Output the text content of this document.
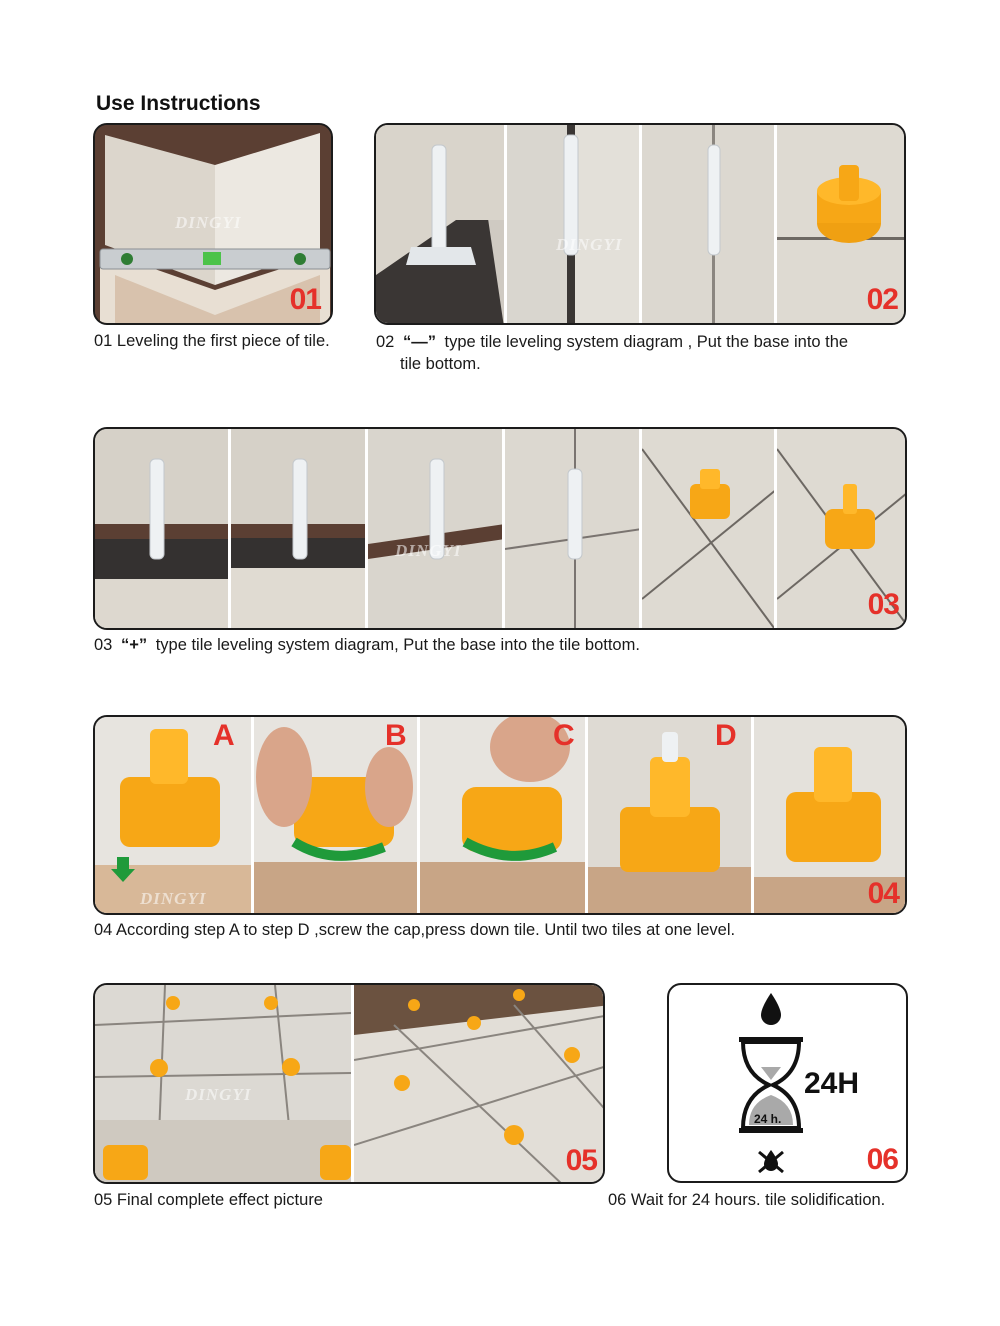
Use Instructions
DINGYI
01
01 Leveling the first piece of tile.
DINGYI
02
02 “—” type tile leveling system diagram , Put the base into the
tile bottom.
DINGYI
03
03 “+” type tile leveling system diagram, Put the base into the tile bottom.
A	B	C	D
DINGYI	04
04 According step A to step D ,screw the cap,press down tile. Until two tiles at one level.
DINGYI
05
05 Final complete effect picture
24H
24 h.
06
06 Wait for 24 hours. tile solidification.
